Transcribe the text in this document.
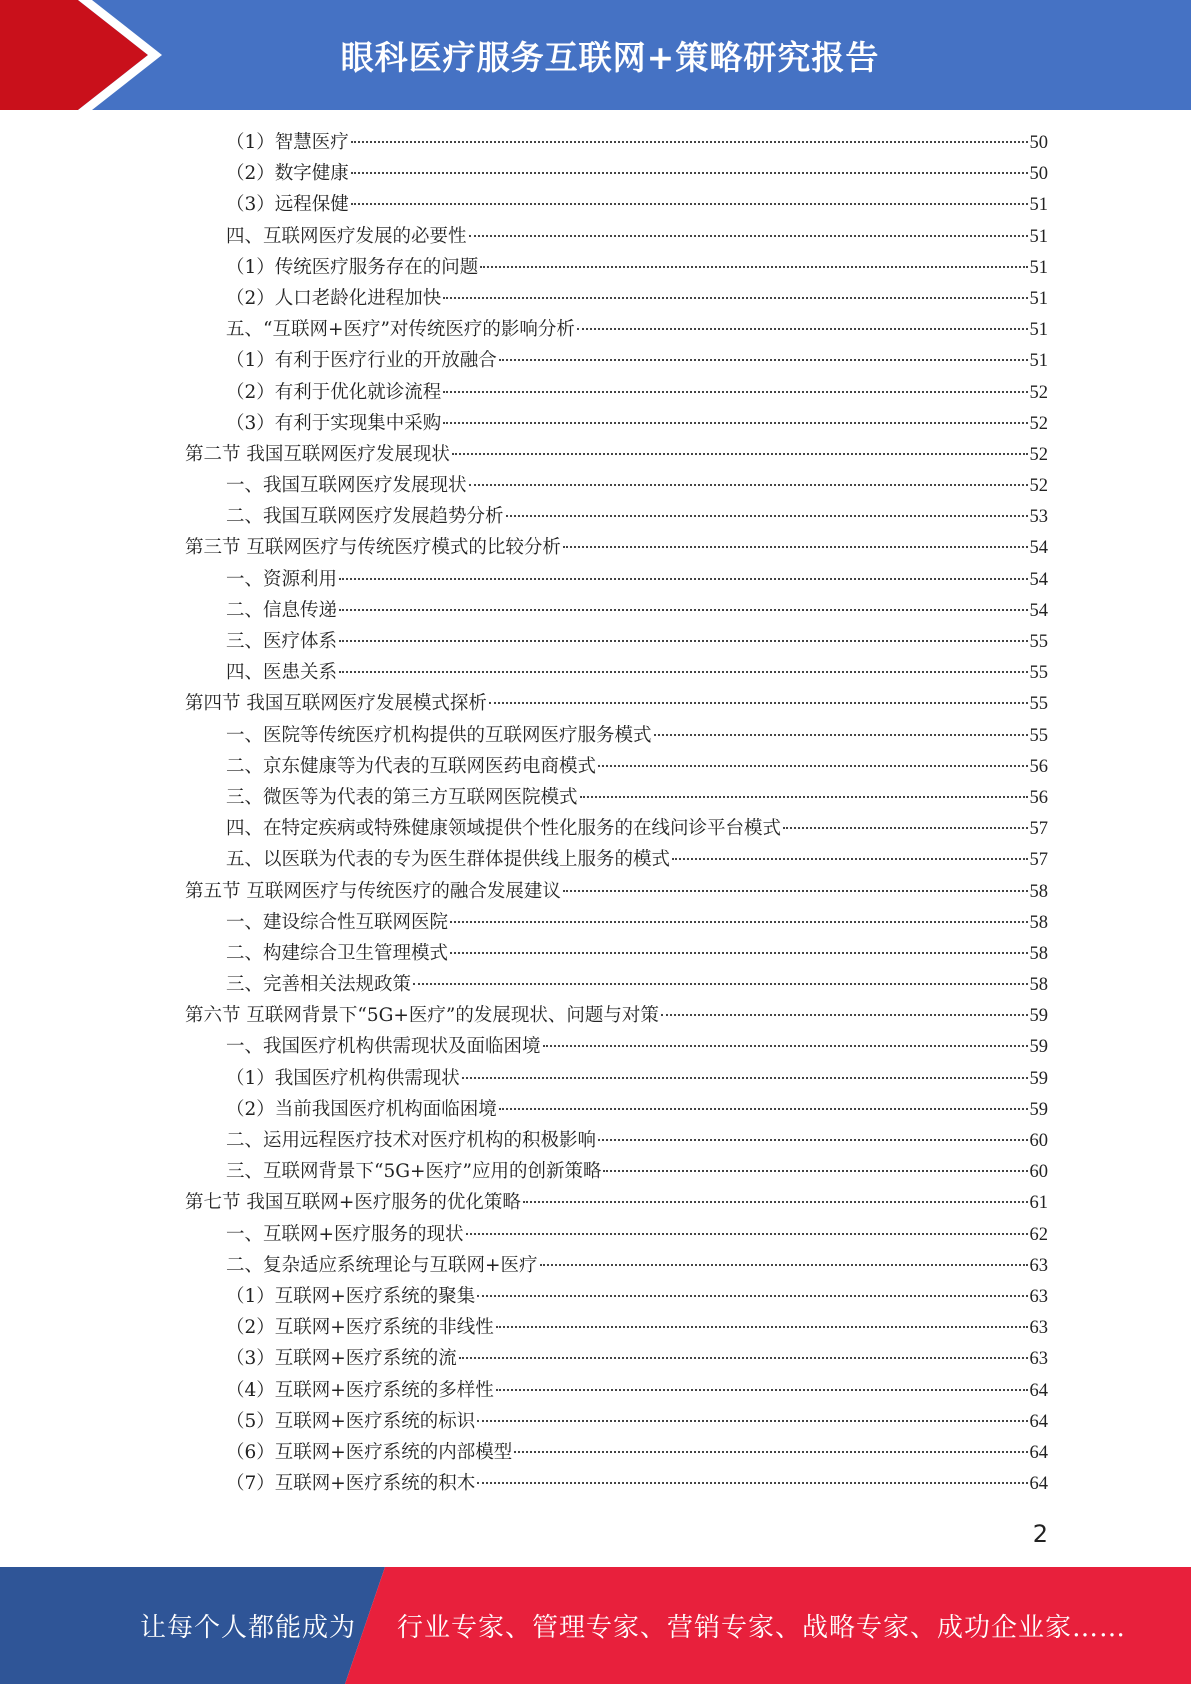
眼科医疗服务互联网+策略研究报告
（1）智慧医疗	50
（2）数字健康	50
（3）远程保健	51
四、互联网医疗发展的必要性	51
（1）传统医疗服务存在的问题	51
（2）人口老龄化进程加快	51
五、“互联网+医疗”对传统医疗的影响分析	51
（1）有利于医疗行业的开放融合	51
（2）有利于优化就诊流程	52
（3）有利于实现集中采购	52
第二节 我国互联网医疗发展现状	52
一、我国互联网医疗发展现状	52
二、我国互联网医疗发展趋势分析	53
第三节 互联网医疗与传统医疗模式的比较分析	54
一、资源利用	54
二、信息传递	54
三、医疗体系	55
四、医患关系	55
第四节 我国互联网医疗发展模式探析	55
一、医院等传统医疗机构提供的互联网医疗服务模式	55
二、京东健康等为代表的互联网医药电商模式	56
三、微医等为代表的第三方互联网医院模式	56
四、在特定疾病或特殊健康领域提供个性化服务的在线问诊平台模式	57
五、以医联为代表的专为医生群体提供线上服务的模式	57
第五节 互联网医疗与传统医疗的融合发展建议	58
一、建设综合性互联网医院	58
二、构建综合卫生管理模式	58
三、完善相关法规政策	58
第六节 互联网背景下“5G+医疗”的发展现状、问题与对策	59
一、我国医疗机构供需现状及面临困境	59
（1）我国医疗机构供需现状	59
（2）当前我国医疗机构面临困境	59
二、运用远程医疗技术对医疗机构的积极影响	60
三、互联网背景下“5G+医疗”应用的创新策略	60
第七节 我国互联网+医疗服务的优化策略	61
一、互联网+医疗服务的现状	62
二、复杂适应系统理论与互联网+医疗	63
（1）互联网+医疗系统的聚集	63
（2）互联网+医疗系统的非线性	63
（3）互联网+医疗系统的流	63
（4）互联网+医疗系统的多样性	64
（5）互联网+医疗系统的标识	64
（6）互联网+医疗系统的内部模型	64
（7）互联网+医疗系统的积木	64
2
让每个人都能成为 行业专家、管理专家、营销专家、战略专家、成功企业家……
